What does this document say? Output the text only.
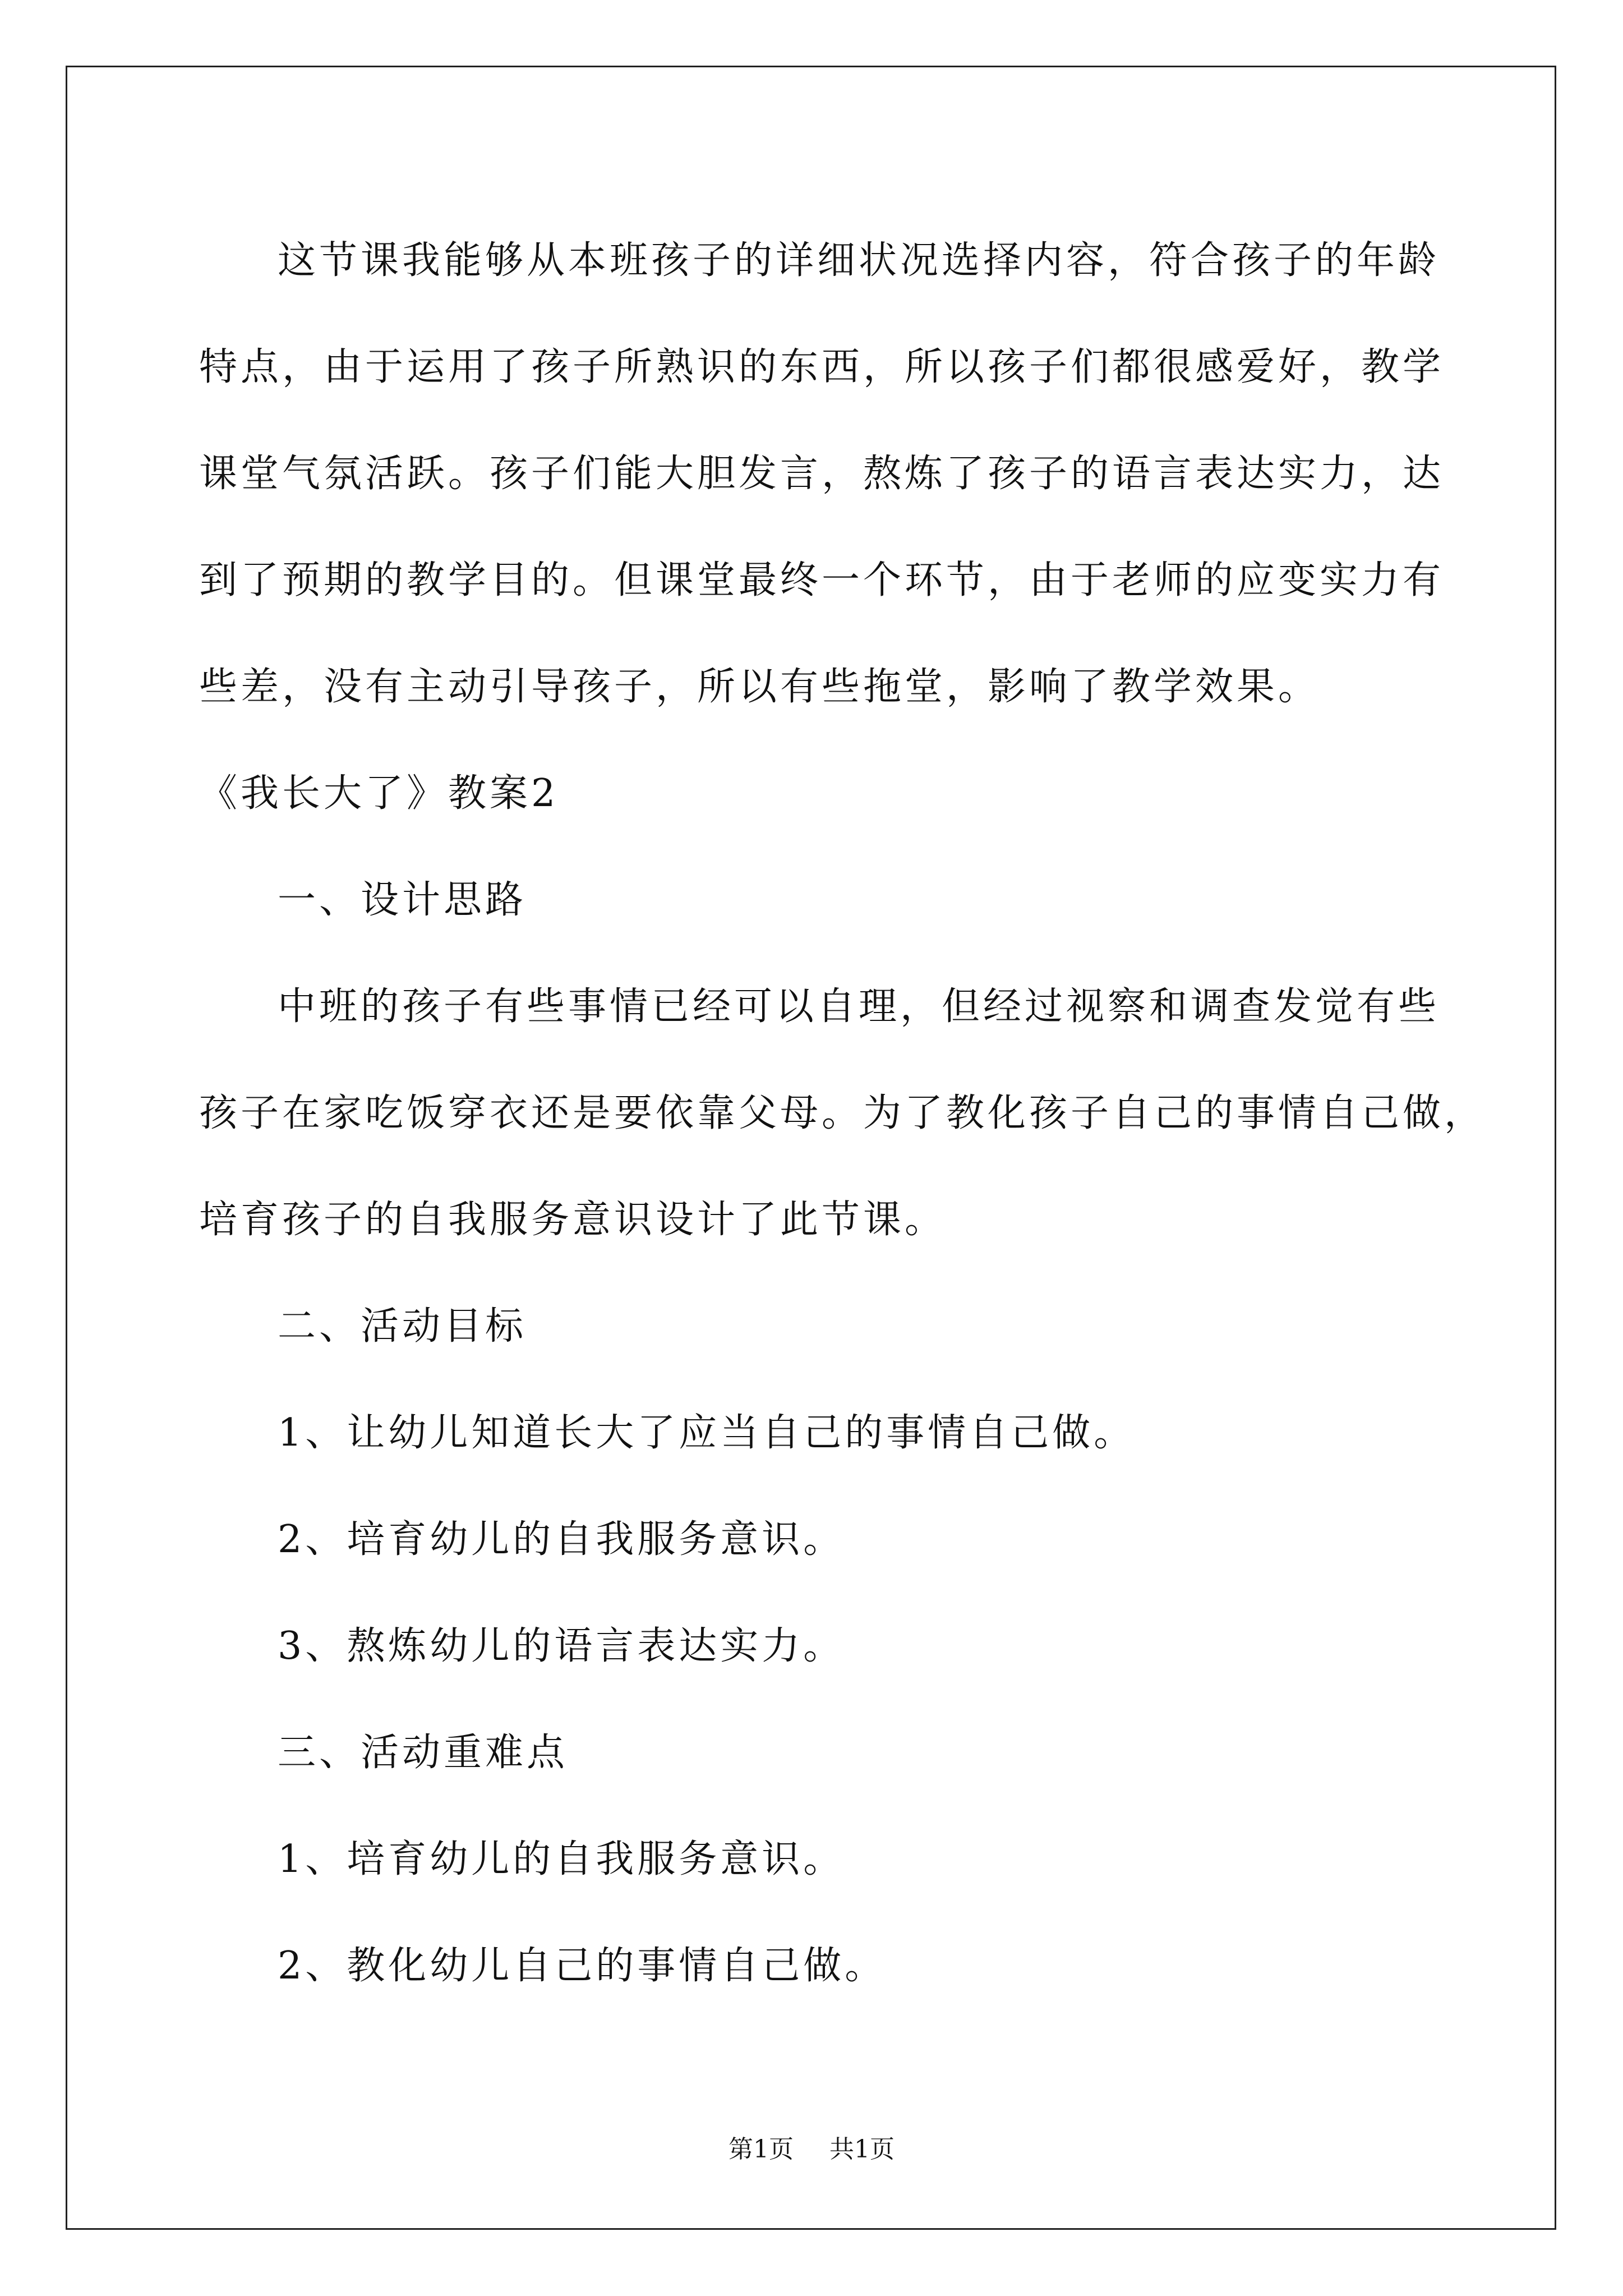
这节课我能够从本班孩子的详细状况选择内容，符合孩子的年龄
特点，由于运用了孩子所熟识的东西，所以孩子们都很感爱好，教学
课堂气氛活跃。孩子们能大胆发言，熬炼了孩子的语言表达实力，达
到了预期的教学目的。但课堂最终一个环节，由于老师的应变实力有
些差，没有主动引导孩子，所以有些拖堂，影响了教学效果。
《我长大了》教案2
一、设计思路
中班的孩子有些事情已经可以自理，但经过视察和调查发觉有些
孩子在家吃饭穿衣还是要依靠父母。为了教化孩子自己的事情自己做，
培育孩子的自我服务意识设计了此节课。
二、活动目标
1、让幼儿知道长大了应当自己的事情自己做。
2、培育幼儿的自我服务意识。
3、熬炼幼儿的语言表达实力。
三、活动重难点
1、培育幼儿的自我服务意识。
2、教化幼儿自己的事情自己做。
第1页 共1页
